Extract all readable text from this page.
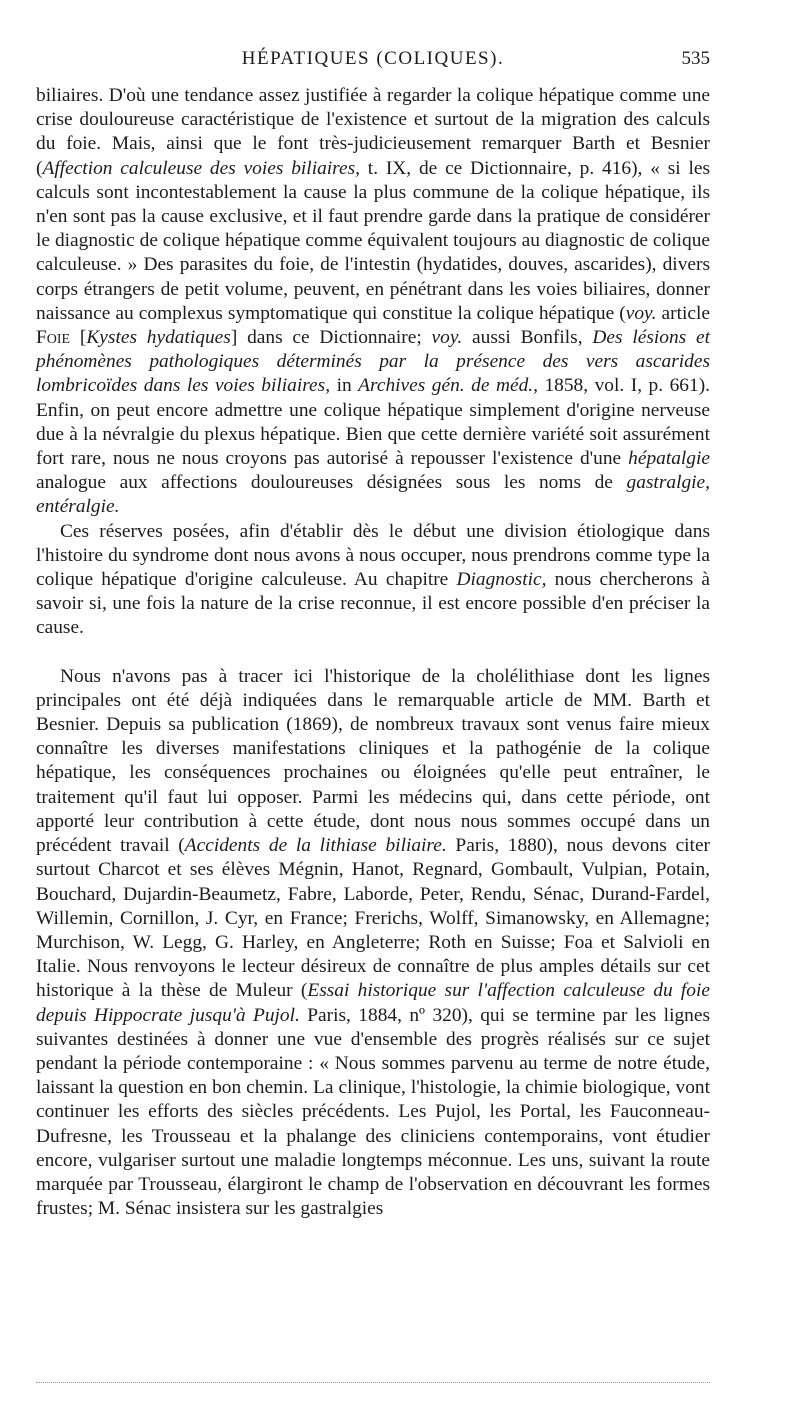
HÉPATIQUES (COLIQUES).	535

biliaires. D'où une tendance assez justifiée à regarder la colique hépatique comme une crise douloureuse caractéristique de l'existence et surtout de la migration des calculs du foie. Mais, ainsi que le font très-judicieusement remarquer Barth et Besnier (Affection calculeuse des voies biliaires, t. IX, de ce Dictionnaire, p. 416), « si les calculs sont incontestablement la cause la plus commune de la colique hépatique, ils n'en sont pas la cause exclusive, et il faut prendre garde dans la pratique de considérer le diagnostic de colique hépatique comme équivalent toujours au diagnostic de colique calculeuse. » Des parasites du foie, de l'intestin (hydatides, douves, ascarides), divers corps étrangers de petit volume, peuvent, en pénétrant dans les voies biliaires, donner naissance au complexus symptomatique qui constitue la colique hépatique (voy. article Foie [Kystes hydatiques] dans ce Dictionnaire; voy. aussi Bonfils, Des lésions et phénomènes pathologiques déterminés par la présence des vers ascarides lombricoïdes dans les voies biliaires, in Archives gén. de méd., 1858, vol. I, p. 661). Enfin, on peut encore admettre une colique hépatique simplement d'origine nerveuse due à la névralgie du plexus hépatique. Bien que cette dernière variété soit assurément fort rare, nous ne nous croyons pas autorisé à repousser l'existence d'une hépatalgie analogue aux affections douloureuses désignées sous les noms de gastralgie, entéralgie.

Ces réserves posées, afin d'établir dès le début une division étiologique dans l'histoire du syndrome dont nous avons à nous occuper, nous prendrons comme type la colique hépatique d'origine calculeuse. Au chapitre Diagnostic, nous chercherons à savoir si, une fois la nature de la crise reconnue, il est encore possible d'en préciser la cause.

Nous n'avons pas à tracer ici l'historique de la cholélithiase dont les lignes principales ont été déjà indiquées dans le remarquable article de MM. Barth et Besnier. Depuis sa publication (1869), de nombreux travaux sont venus faire mieux connaître les diverses manifestations cliniques et la pathogénie de la colique hépatique, les conséquences prochaines ou éloignées qu'elle peut entraîner, le traitement qu'il faut lui opposer. Parmi les médecins qui, dans cette période, ont apporté leur contribution à cette étude, dont nous nous sommes occupé dans un précédent travail (Accidents de la lithiase biliaire. Paris, 1880), nous devons citer surtout Charcot et ses élèves Mégnin, Hanot, Regnard, Gombault, Vulpian, Potain, Bouchard, Dujardin-Beaumetz, Fabre, Laborde, Peter, Rendu, Sénac, Durand-Fardel, Willemin, Cornillon, J. Cyr, en France; Frerichs, Wolff, Simanowsky, en Allemagne; Murchison, W. Legg, G. Harley, en Angleterre; Roth en Suisse; Foa et Salvioli en Italie. Nous renvoyons le lecteur désireux de connaître de plus amples détails sur cet historique à la thèse de Muleur (Essai historique sur l'affection calculeuse du foie depuis Hippocrate jusqu'à Pujol. Paris, 1884, nº 320), qui se termine par les lignes suivantes destinées à donner une vue d'ensemble des progrès réalisés sur ce sujet pendant la période contemporaine : « Nous sommes parvenu au terme de notre étude, laissant la question en bon chemin. La clinique, l'histologie, la chimie biologique, vont continuer les efforts des siècles précédents. Les Pujol, les Portal, les Fauconneau-Dufresne, les Trousseau et la phalange des cliniciens contemporains, vont étudier encore, vulgariser surtout une maladie longtemps méconnue. Les uns, suivant la route marquée par Trousseau, élargiront le champ de l'observation en découvrant les formes frustes; M. Sénac insistera sur les gastralgies
